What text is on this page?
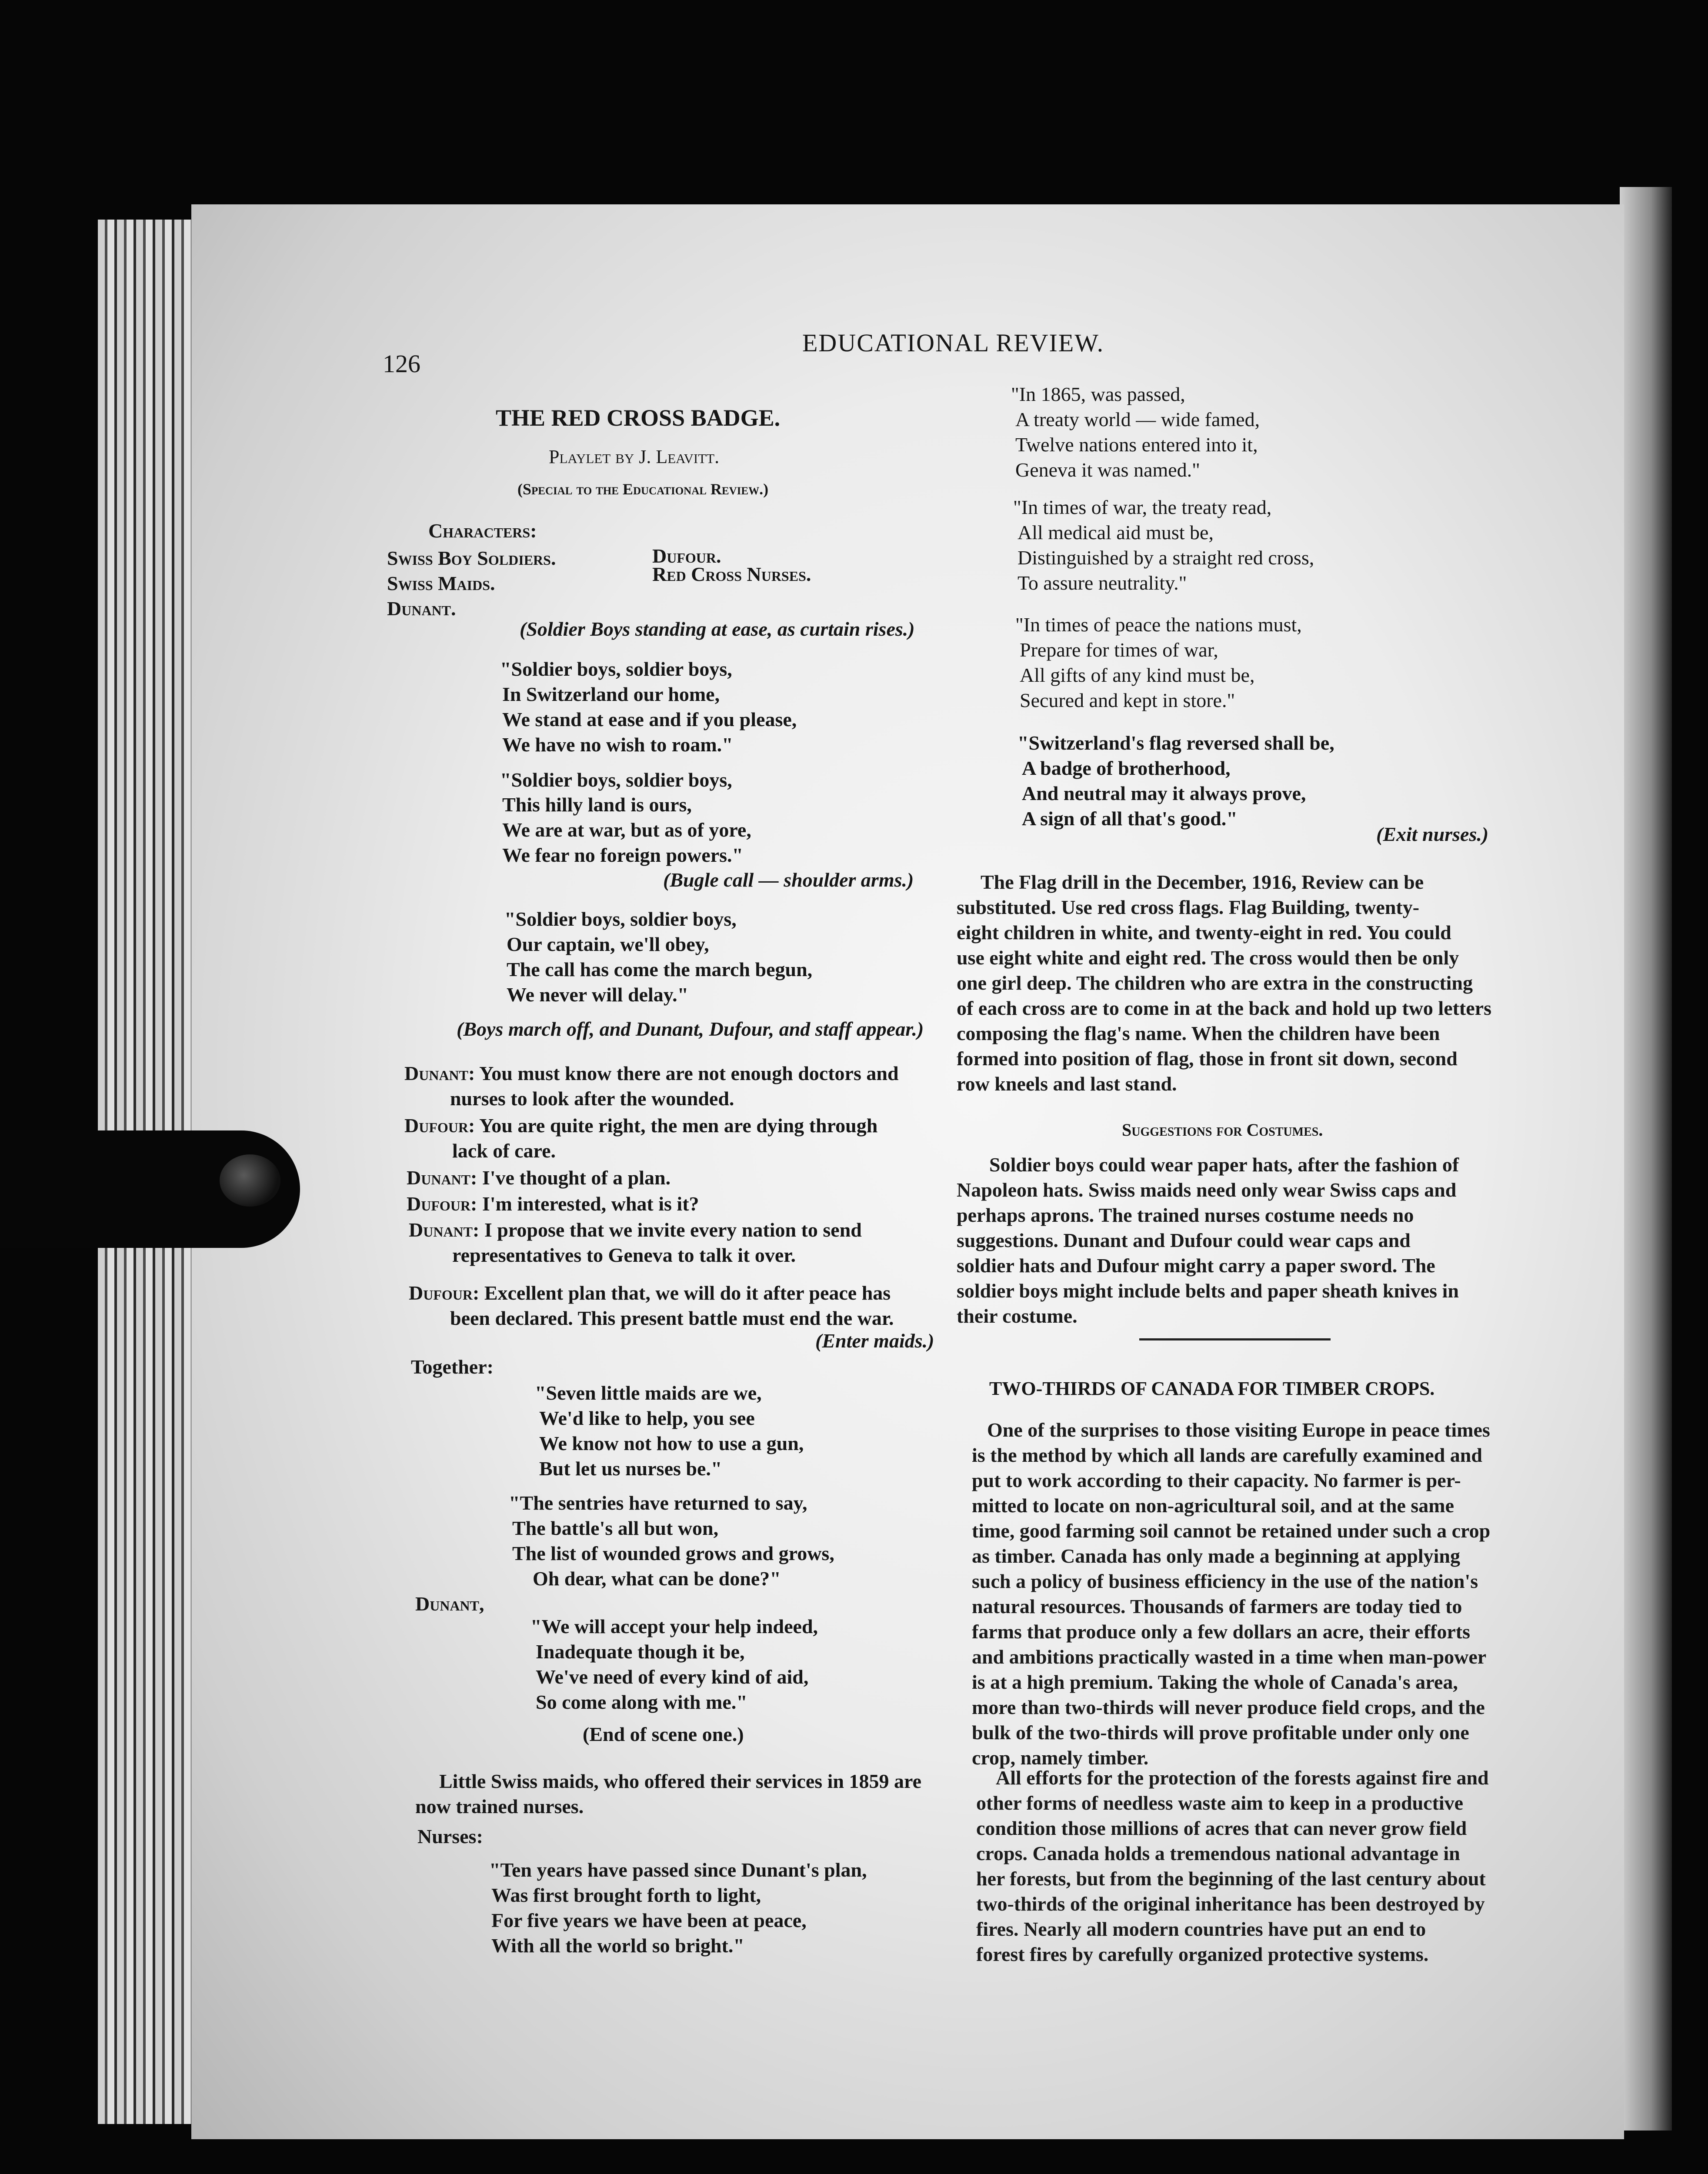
126
EDUCATIONAL REVIEW.
THE RED CROSS BADGE.
Playlet by J. Leavitt.
(Special to the Educational Review.)
Characters:
Swiss Boy Soldiers.
Swiss Maids.
Dunant.
Dufour.
Red Cross Nurses.
(Soldier Boys standing at ease, as curtain rises.)
"Soldier boys, soldier boys,
In Switzerland our home,
We stand at ease and if you please,
We have no wish to roam."
"Soldier boys, soldier boys,
This hilly land is ours,
We are at war, but as of yore,
We fear no foreign powers."
(Bugle call — shoulder arms.)
"Soldier boys, soldier boys,
Our captain, we'll obey,
The call has come the march begun,
We never will delay."
(Boys march off, and Dunant, Dufour, and staff appear.)
Dunant: You must know there are not enough doctors and
nurses to look after the wounded.
Dufour: You are quite right, the men are dying through
lack of care.
Dunant: I've thought of a plan.
Dufour: I'm interested, what is it?
Dunant: I propose that we invite every nation to send
representatives to Geneva to talk it over.
Dufour: Excellent plan that, we will do it after peace has
been declared. This present battle must end the war.
(Enter maids.)
Together:
"Seven little maids are we,
We'd like to help, you see
We know not how to use a gun,
But let us nurses be."
"The sentries have returned to say,
The battle's all but won,
The list of wounded grows and grows,
Oh dear, what can be done?"
Dunant,
"We will accept your help indeed,
Inadequate though it be,
We've need of every kind of aid,
So come along with me."
(End of scene one.)
Little Swiss maids, who offered their services in 1859 are
now trained nurses.
Nurses:
"Ten years have passed since Dunant's plan,
Was first brought forth to light,
For five years we have been at peace,
With all the world so bright."
"In 1865, was passed,
A treaty world — wide famed,
Twelve nations entered into it,
Geneva it was named."
"In times of war, the treaty read,
All medical aid must be,
Distinguished by a straight red cross,
To assure neutrality."
"In times of peace the nations must,
Prepare for times of war,
All gifts of any kind must be,
Secured and kept in store."
"Switzerland's flag reversed shall be,
A badge of brotherhood,
And neutral may it always prove,
A sign of all that's good."
(Exit nurses.)
The Flag drill in the December, 1916, Review can be
substituted. Use red cross flags. Flag Building, twenty-
eight children in white, and twenty-eight in red. You could
use eight white and eight red. The cross would then be only
one girl deep. The children who are extra in the constructing
of each cross are to come in at the back and hold up two letters
composing the flag's name. When the children have been
formed into position of flag, those in front sit down, second
row kneels and last stand.
Suggestions for Costumes.
Soldier boys could wear paper hats, after the fashion of
Napoleon hats. Swiss maids need only wear Swiss caps and
perhaps aprons. The trained nurses costume needs no
suggestions. Dunant and Dufour could wear caps and
soldier hats and Dufour might carry a paper sword. The
soldier boys might include belts and paper sheath knives in
their costume.
TWO-THIRDS OF CANADA FOR TIMBER CROPS.
One of the surprises to those visiting Europe in peace times
is the method by which all lands are carefully examined and
put to work according to their capacity. No farmer is per-
mitted to locate on non-agricultural soil, and at the same
time, good farming soil cannot be retained under such a crop
as timber. Canada has only made a beginning at applying
such a policy of business efficiency in the use of the nation's
natural resources. Thousands of farmers are today tied to
farms that produce only a few dollars an acre, their efforts
and ambitions practically wasted in a time when man-power
is at a high premium. Taking the whole of Canada's area,
more than two-thirds will never produce field crops, and the
bulk of the two-thirds will prove profitable under only one
crop, namely timber.
All efforts for the protection of the forests against fire and
other forms of needless waste aim to keep in a productive
condition those millions of acres that can never grow field
crops. Canada holds a tremendous national advantage in
her forests, but from the beginning of the last century about
two-thirds of the original inheritance has been destroyed by
fires. Nearly all modern countries have put an end to
forest fires by carefully organized protective systems.
